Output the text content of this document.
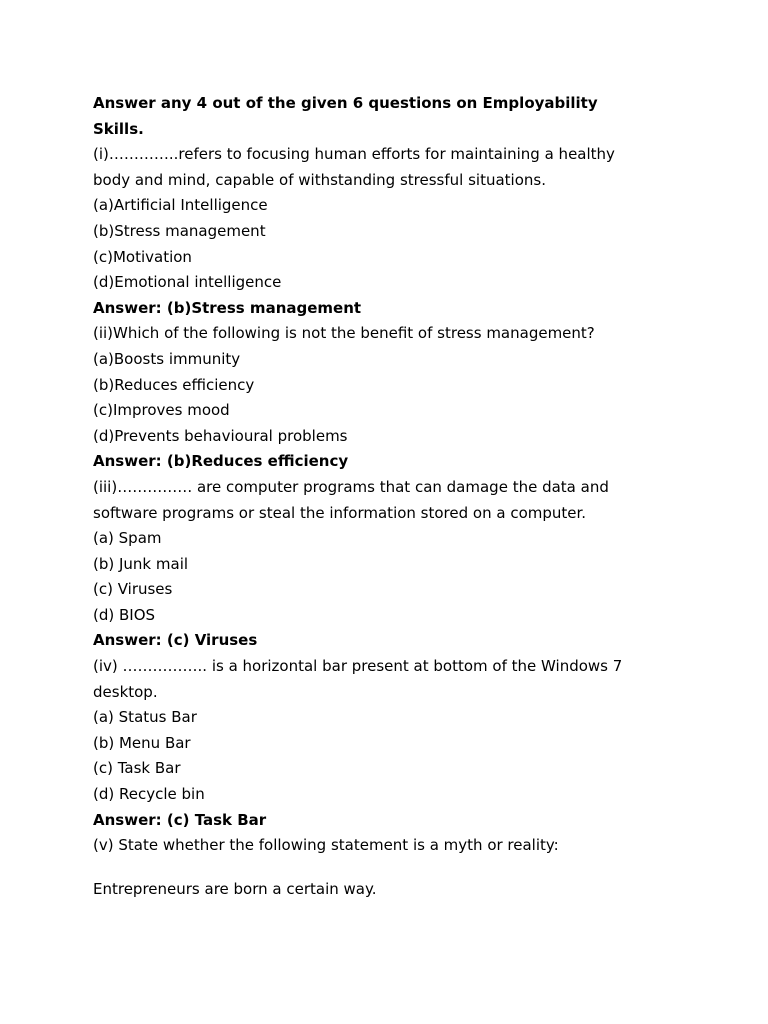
Answer any 4 out of the given 6 questions on Employability
Skills.
(i)…………..refers to focusing human efforts for maintaining a healthy
body and mind, capable of withstanding stressful situations.
(a)Artificial Intelligence
(b)Stress management
(c)Motivation
(d)Emotional intelligence
Answer: (b)Stress management
(ii)Which of the following is not the benefit of stress management?
(a)Boosts immunity
(b)Reduces efficiency
(c)Improves mood
(d)Prevents behavioural problems
Answer: (b)Reduces efficiency
(iii)…………… are computer programs that can damage the data and
software programs or steal the information stored on a computer.
(a) Spam
(b) Junk mail
(c) Viruses
(d) BIOS
Answer: (c) Viruses
(iv) …………….. is a horizontal bar present at bottom of the Windows 7
desktop.
(a) Status Bar
(b) Menu Bar
(c) Task Bar
(d) Recycle bin
Answer: (c) Task Bar
(v) State whether the following statement is a myth or reality:
Entrepreneurs are born a certain way.
